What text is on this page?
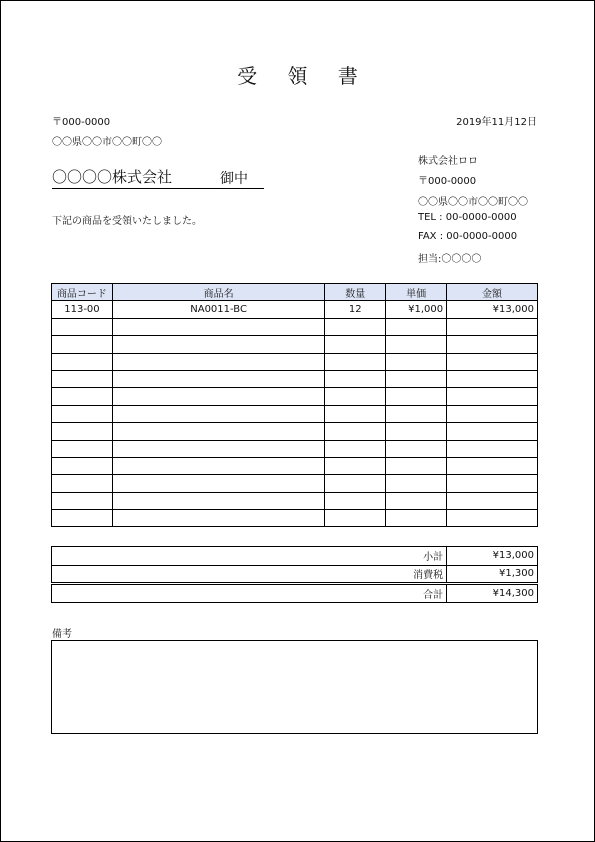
受 領 書
〒000-0000
〇〇県〇〇市〇〇町〇〇
2019年11月12日
〇〇〇〇株式会社	御中
下記の商品を受領いたしました。
株式会社ロロ
〒000-0000
〇〇県〇〇市〇〇町〇〇
TEL : 00-0000-0000
FAX : 00-0000-0000
担当:〇〇〇〇
商品コード	商品名	数量	単価	金額
113-00	NA0011-BC	12	¥1,000	¥13,000

小計	¥13,000
消費税	¥1,300
合計	¥14,300
備考
